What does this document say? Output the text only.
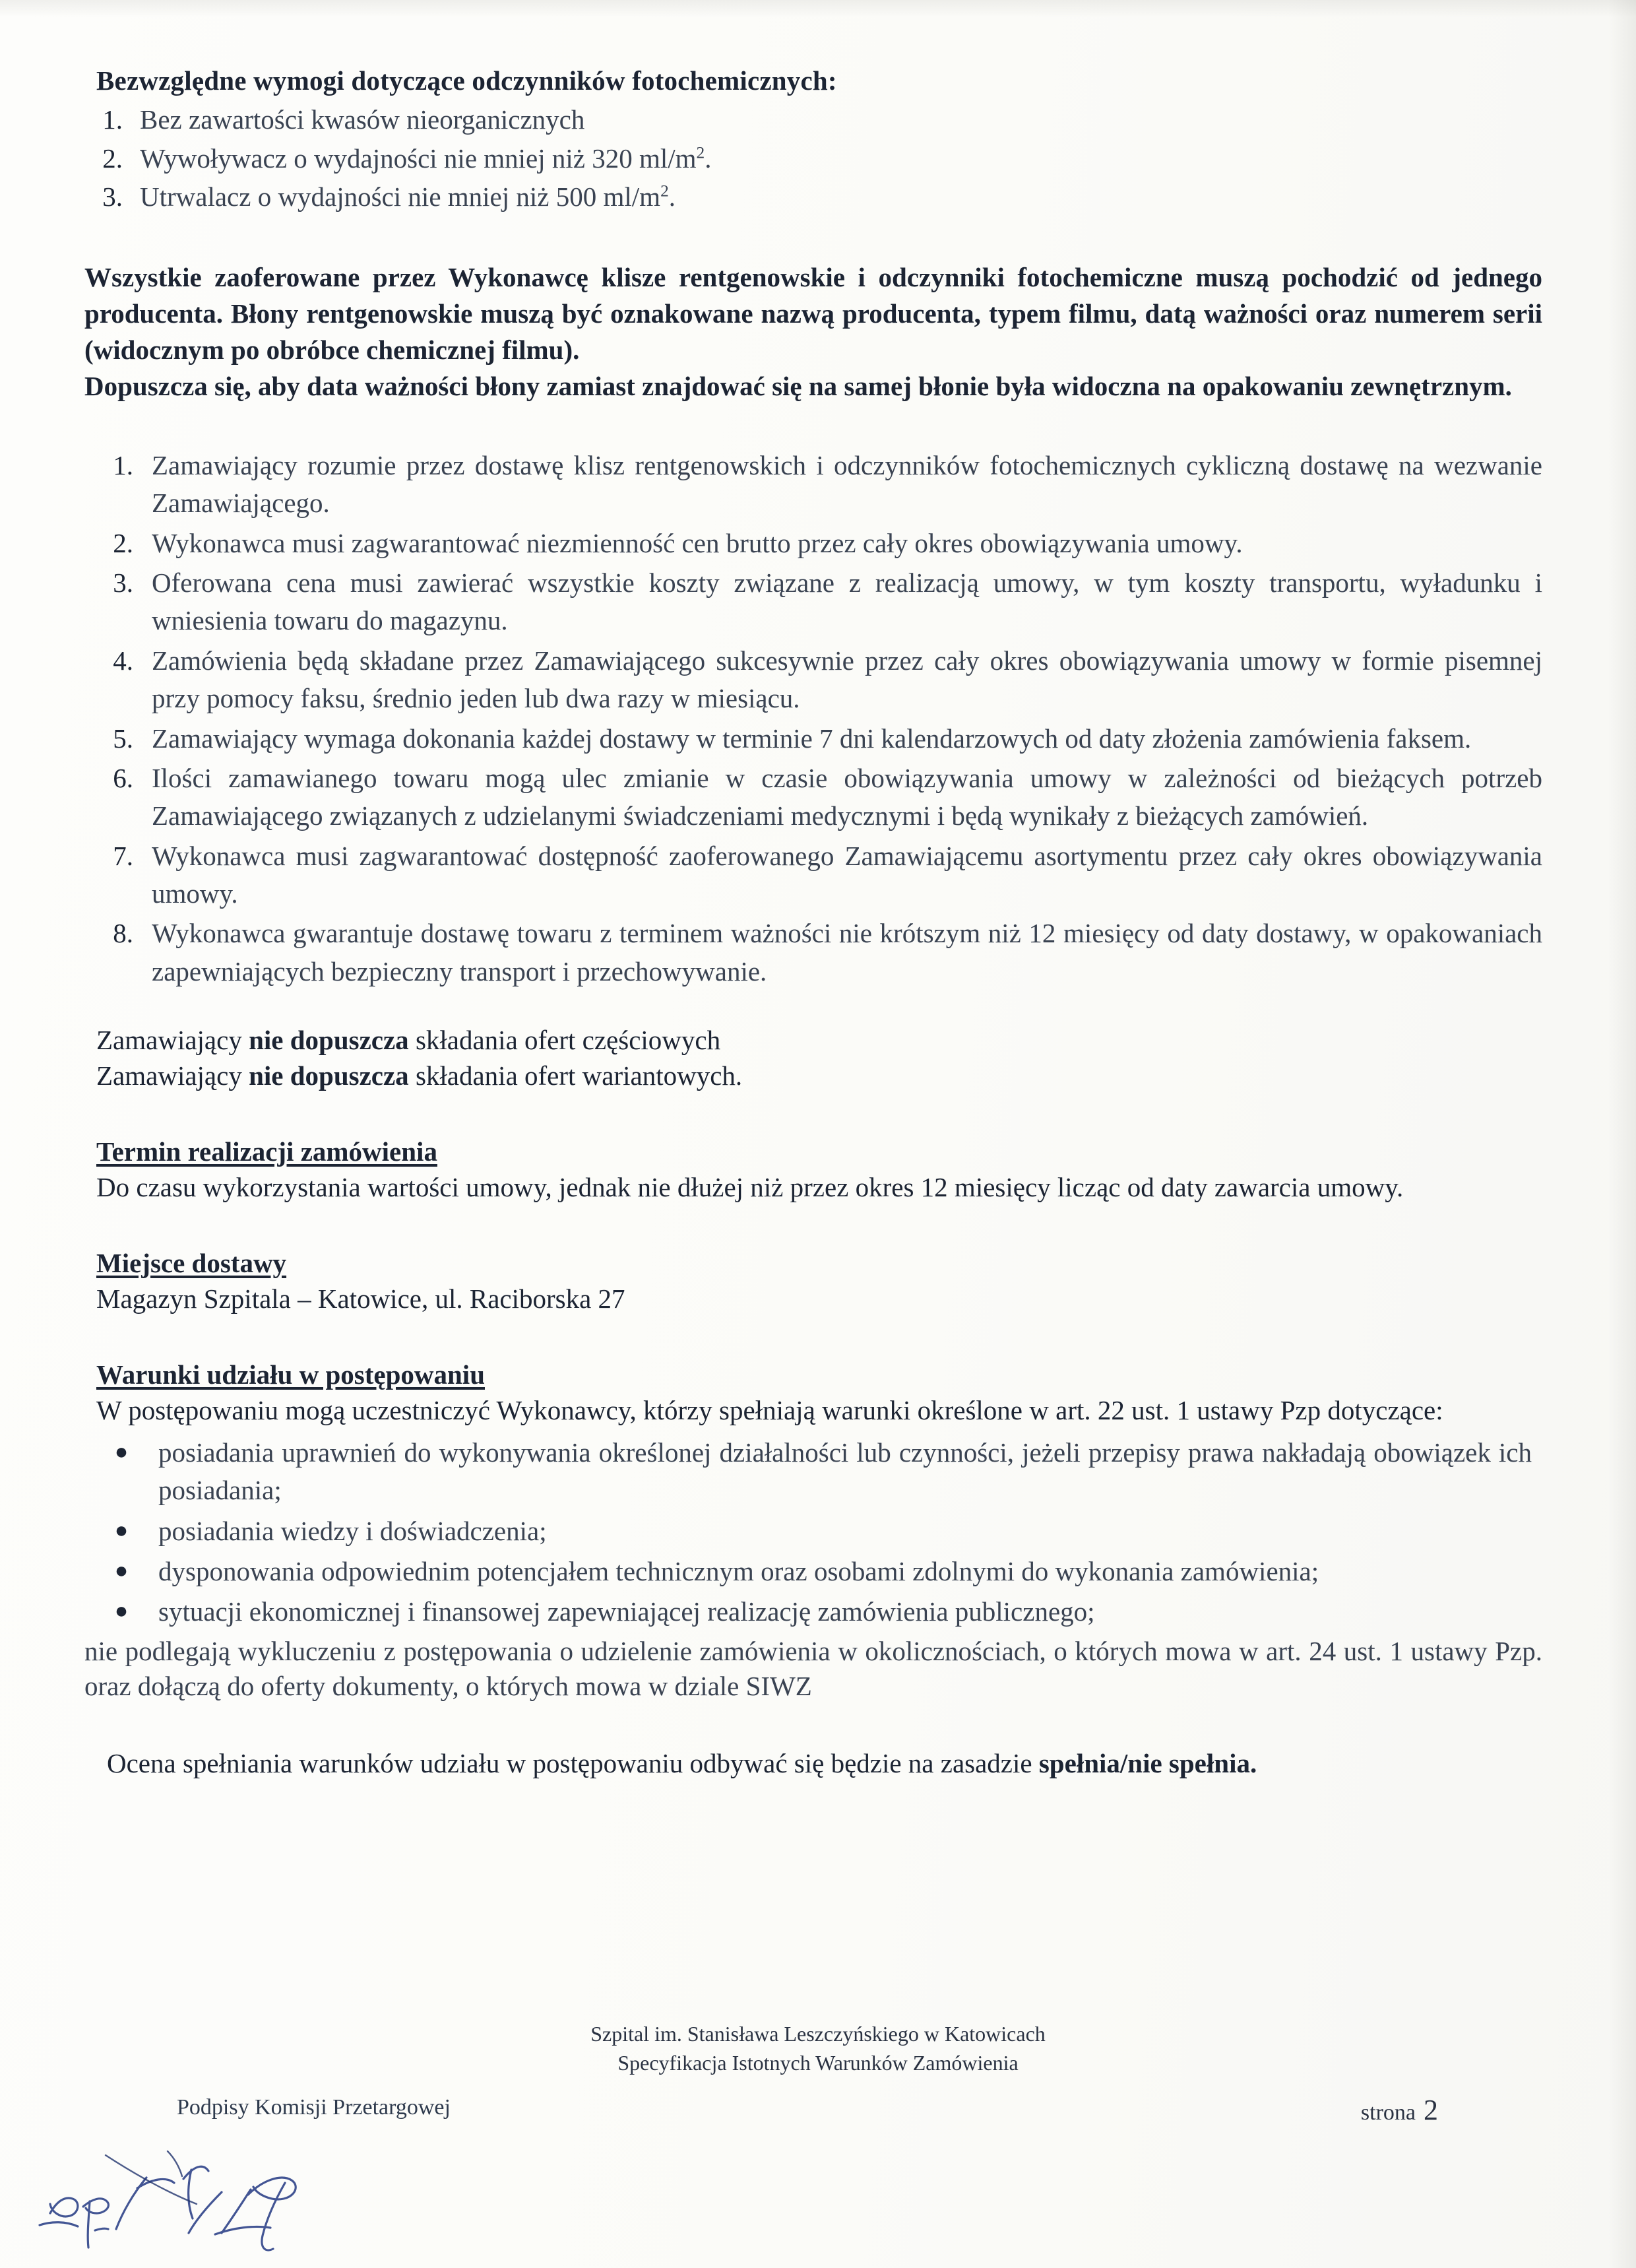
Bezwzględne wymogi dotyczące odczynników fotochemicznych:
1. Bez zawartości kwasów nieorganicznych
2. Wywoływacz o wydajności nie mniej niż 320 $ml/m^2$.
3. Utrwalacz o wydajności nie mniej niż 500 $ml/m^2$.
Wszystkie zaoferowane przez Wykonawcę klisze rentgenowskie i odczynniki fotochemiczne muszą pochodzić od jednego producenta. Błony rentgenowskie muszą być oznakowane nazwą producenta, typem filmu, datą ważności oraz numerem serii (widocznym po obróbce chemicznej filmu).
Dopuszcza się, aby data ważności błony zamiast znajdować się na samej błonie była widoczna na opakowaniu zewnętrznym.
1. Zamawiający rozumie przez dostawę klisz rentgenowskich i odczynników fotochemicznych cykliczną dostawę na wezwanie Zamawiającego.
2. Wykonawca musi zagwarantować niezmienność cen brutto przez cały okres obowiązywania umowy.
3. Oferowana cena musi zawierać wszystkie koszty związane z realizacją umowy, w tym koszty transportu, wyładunku i wniesienia towaru do magazynu.
4. Zamówienia będą składane przez Zamawiającego sukcesywnie przez cały okres obowiązywania umowy w formie pisemnej przy pomocy faksu, średnio jeden lub dwa razy w miesiącu.
5. Zamawiający wymaga dokonania każdej dostawy w terminie 7 dni kalendarzowych od daty złożenia zamówienia faksem.
6. Ilości zamawianego towaru mogą ulec zmianie w czasie obowiązywania umowy w zależności od bieżących potrzeb Zamawiającego związanych z udzielanymi świadczeniami medycznymi i będą wynikały z bieżących zamówień.
7. Wykonawca musi zagwarantować dostępność zaoferowanego Zamawiającemu asortymentu przez cały okres obowiązywania umowy.
8. Wykonawca gwarantuje dostawę towaru z terminem ważności nie krótszym niż 12 miesięcy od daty dostawy, w opakowaniach zapewniających bezpieczny transport i przechowywanie.
Zamawiający nie dopuszcza składania ofert częściowych
Zamawiający nie dopuszcza składania ofert wariantowych.
Termin realizacji zamówienia
Do czasu wykorzystania wartości umowy, jednak nie dłużej niż przez okres 12 miesięcy licząc od daty zawarcia umowy.
Miejsce dostawy
Magazyn Szpitala – Katowice, ul. Raciborska 27
Warunki udziału w postępowaniu
W postępowaniu mogą uczestniczyć Wykonawcy, którzy spełniają warunki określone w art. 22 ust. 1 ustawy Pzp dotyczące:
●	posiadania uprawnień do wykonywania określonej działalności lub czynności, jeżeli przepisy prawa nakładają obowiązek ich posiadania;
●	posiadania wiedzy i doświadczenia;
●	dysponowania odpowiednim potencjałem technicznym oraz osobami zdolnymi do wykonania zamówienia;
●	sytuacji ekonomicznej i finansowej zapewniającej realizację zamówienia publicznego;
nie podlegają wykluczeniu z postępowania o udzielenie zamówienia w okolicznościach, o których mowa w art. 24 ust. 1 ustawy Pzp. oraz dołączą do oferty dokumenty, o których mowa w dziale SIWZ
Ocena spełniania warunków udziału w postępowaniu odbywać się będzie na zasadzie spełnia/nie spełnia.
Szpital im. Stanisława Leszczyńskiego w Katowicach
Specyfikacja Istotnych Warunków Zamówienia
Podpisy Komisji Przetargowej	strona 2
